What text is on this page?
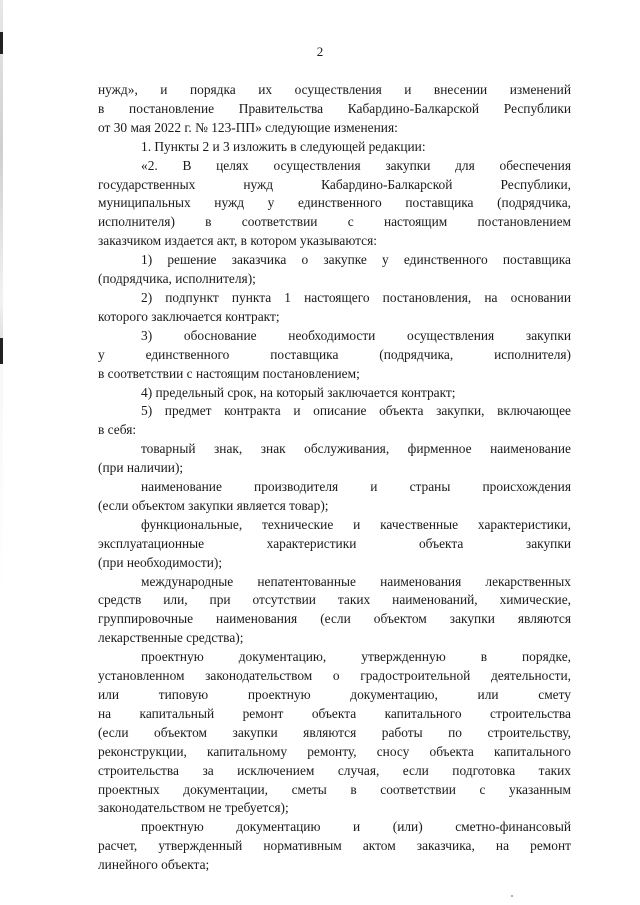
2

нужд», и порядка их осуществления и внесении изменений

в постановление Правительства Кабардино-Балкарской Республики

от 30 мая 2022 г. № 123-ПП» следующие изменения:

1. Пункты 2 и 3 изложить в следующей редакции:

«2. В целях осуществления закупки для обеспечения

государственных нужд Кабардино-Балкарской Республики,

муниципальных нужд у единственного поставщика (подрядчика,

исполнителя) в соответствии с настоящим постановлением

заказчиком издается акт, в котором указываются:

1) решение заказчика о закупке у единственного поставщика

(подрядчика, исполнителя);

2) подпункт пункта 1 настоящего постановления, на основании

которого заключается контракт;

3) обоснование необходимости осуществления закупки

у единственного поставщика (подрядчика, исполнителя)

в соответствии с настоящим постановлением;

4) предельный срок, на который заключается контракт;

5) предмет контракта и описание объекта закупки, включающее

в себя:

товарный знак, знак обслуживания, фирменное наименование

(при наличии);

наименование производителя и страны происхождения

(если объектом закупки является товар);

функциональные, технические и качественные характеристики,

эксплуатационные характеристики объекта закупки

(при необходимости);

международные непатентованные наименования лекарственных

средств или, при отсутствии таких наименований, химические,

группировочные наименования (если объектом закупки являются

лекарственные средства);

проектную документацию, утвержденную в порядке,

установленном законодательством о градостроительной деятельности,

или типовую проектную документацию, или смету

на капитальный ремонт объекта капитального строительства

(если объектом закупки являются работы по строительству,

реконструкции, капитальному ремонту, сносу объекта капитального

строительства за исключением случая, если подготовка таких

проектных документации, сметы в соответствии с указанным

законодательством не требуется);

проектную документацию и (или) сметно-финансовый

расчет, утвержденный нормативным актом заказчика, на ремонт

линейного объекта;
